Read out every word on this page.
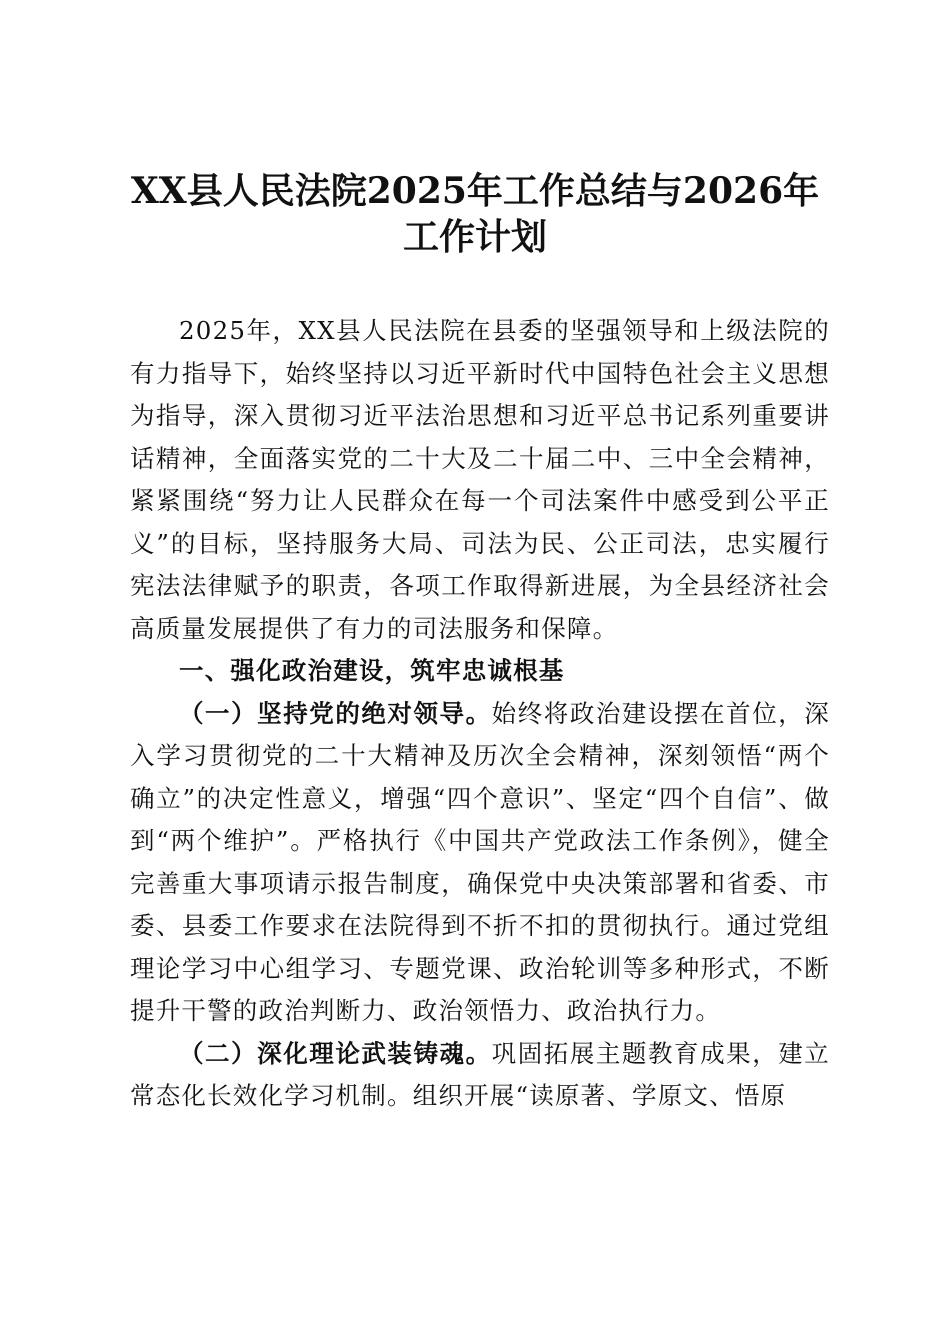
XX县人民法院2025年工作总结与2026年工作计划

2025年，XX县人民法院在县委的坚强领导和上级法院的有力指导下，始终坚持以习近平新时代中国特色社会主义思想为指导，深入贯彻习近平法治思想和习近平总书记系列重要讲话精神，全面落实党的二十大及二十届二中、三中全会精神，紧紧围绕“努力让人民群众在每一个司法案件中感受到公平正义”的目标，坚持服务大局、司法为民、公正司法，忠实履行宪法法律赋予的职责，各项工作取得新进展，为全县经济社会高质量发展提供了有力的司法服务和保障。

一、强化政治建设，筑牢忠诚根基

（一）坚持党的绝对领导。始终将政治建设摆在首位，深入学习贯彻党的二十大精神及历次全会精神，深刻领悟“两个确立”的决定性意义，增强“四个意识”、坚定“四个自信”、做到“两个维护”。严格执行《中国共产党政法工作条例》，健全完善重大事项请示报告制度，确保党中央决策部署和省委、市委、县委工作要求在法院得到不折不扣的贯彻执行。通过党组理论学习中心组学习、专题党课、政治轮训等多种形式，不断提升干警的政治判断力、政治领悟力、政治执行力。

（二）深化理论武装铸魂。巩固拓展主题教育成果，建立常态化长效化学习机制。组织开展“读原著、学原文、悟原
